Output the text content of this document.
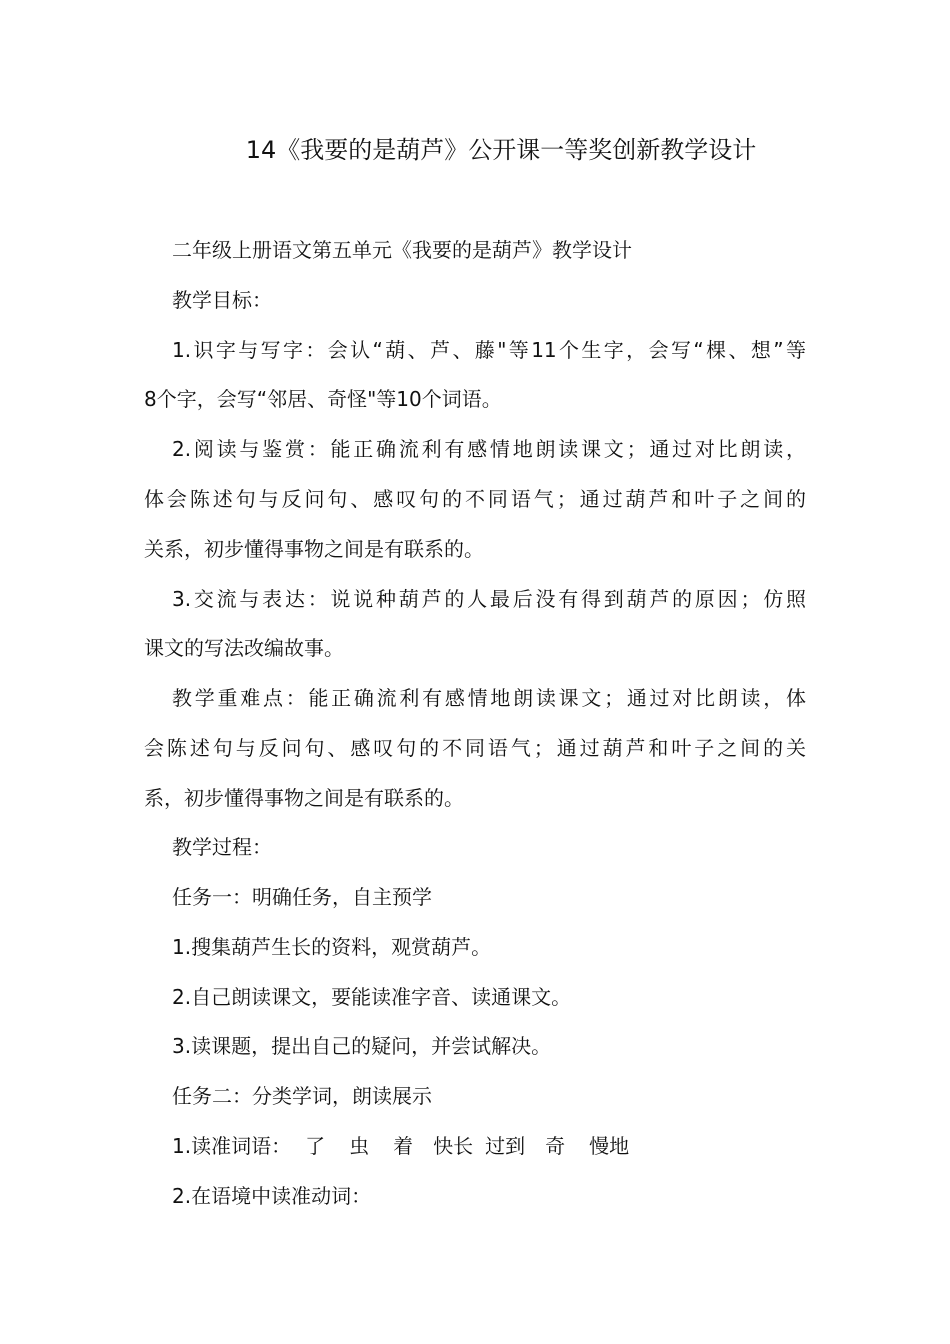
14《我要的是葫芦》公开课一等奖创新教学设计
二年级上册语文第五单元《我要的是葫芦》教学设计
教学目标：
1.识字与写字：会认“葫、芦、藤"等11个生字，会写“棵、想”等
8个字，会写“邻居、奇怪"等10个词语。
2.阅读与鉴赏：能正确流利有感情地朗读课文；通过对比朗读，
体会陈述句与反问句、感叹句的不同语气；通过葫芦和叶子之间的
关系，初步懂得事物之间是有联系的。
3.交流与表达：说说种葫芦的人最后没有得到葫芦的原因；仿照
课文的写法改编故事。
教学重难点：能正确流利有感情地朗读课文；通过对比朗读，体
会陈述句与反问句、感叹句的不同语气；通过葫芦和叶子之间的关
系，初步懂得事物之间是有联系的。
教学过程：
任务一：明确任务，自主预学
1.搜集葫芦生长的资料，观赏葫芦。
2.自己朗读课文，要能读准字音、读通课文。
3.读课题，提出自己的疑问，并尝试解决。
任务二：分类学词，朗读展示
1.读准词语： 了 虫 着 快长 过到 奇 慢地
2.在语境中读准动词：
